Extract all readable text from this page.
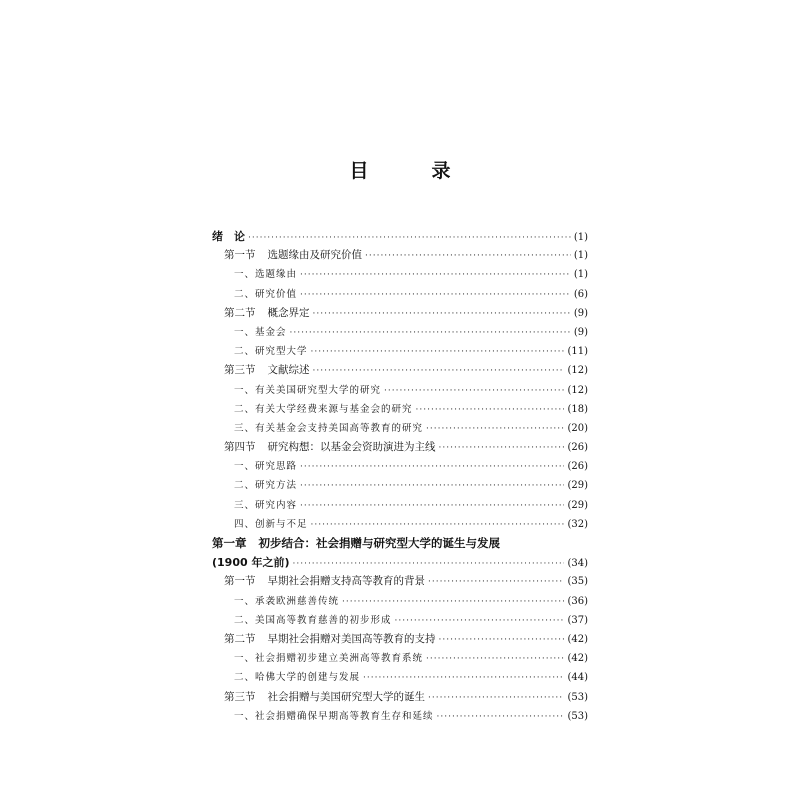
目　录
绪　论 ·····	(1)
第一节 选题缘由及研究价值 ·····	(1)
一、选题缘由 ·····	(1)
二、研究价值 ·····	(6)
第二节 概念界定 ·····	(9)
一、基金会 ·····	(9)
二、研究型大学 ·····	(11)
第三节 文献综述 ·····	(12)
一、有关美国研究型大学的研究 ·····	(12)
二、有关大学经费来源与基金会的研究 ·····	(18)
三、有关基金会支持美国高等教育的研究 ·····	(20)
第四节 研究构想：以基金会资助演进为主线 ·····	(26)
一、研究思路 ·····	(26)
二、研究方法 ·····	(29)
三、研究内容 ·····	(29)
四、创新与不足 ·····	(32)
第一章 初步结合：社会捐赠与研究型大学的诞生与发展
(1900 年之前) ·····	(34)
第一节 早期社会捐赠支持高等教育的背景 ·····	(35)
一、承袭欧洲慈善传统 ·····	(36)
二、美国高等教育慈善的初步形成 ·····	(37)
第二节 早期社会捐赠对美国高等教育的支持 ·····	(42)
一、社会捐赠初步建立美洲高等教育系统 ·····	(42)
二、哈佛大学的创建与发展 ·····	(44)
第三节 社会捐赠与美国研究型大学的诞生 ·····	(53)
一、社会捐赠确保早期高等教育生存和延续 ·····	(53)
